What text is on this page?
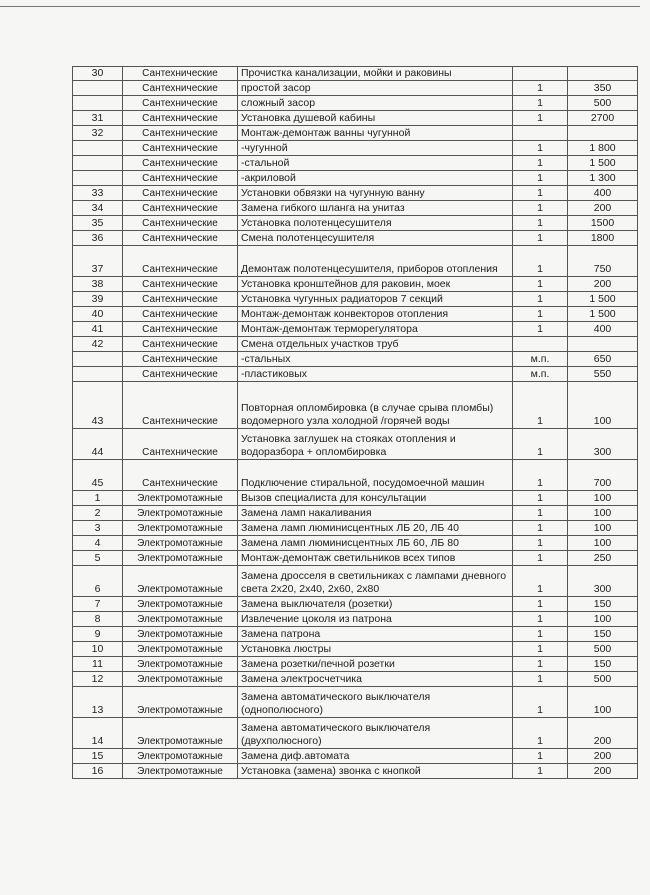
30	Сантехнические	Прочистка канализации, мойки и раковины		
	Сантехнические	простой засор	1	350
	Сантехнические	сложный засор	1	500
31	Сантехнические	Установка душевой кабины	1	2700
32	Сантехнические	Монтаж-демонтаж ванны чугунной		
	Сантехнические	-чугунной	1	1 800
	Сантехнические	-стальной	1	1 500
	Сантехнические	-акриловой	1	1 300
33	Сантехнические	Установки обвязки на чугунную ванну	1	400
34	Сантехнические	Замена гибкого шланга на унитаз	1	200
35	Сантехнические	Установка полотенцесушителя	1	1500
36	Сантехнические	Смена полотенцесушителя	1	1800
37	Сантехнические	Демонтаж полотенцесушителя, приборов отопления	1	750
38	Сантехнические	Установка кронштейнов для раковин, моек	1	200
39	Сантехнические	Установка чугунных радиаторов 7 секций	1	1 500
40	Сантехнические	Монтаж-демонтаж конвекторов отопления	1	1 500
41	Сантехнические	Монтаж-демонтаж терморегулятора	1	400
42	Сантехнические	Смена отдельных участков труб		
	Сантехнические	-стальных	м.п.	650
	Сантехнические	-пластиковых	м.п.	550
43	Сантехнические	Повторная опломбировка (в случае срыва пломбы) водомерного узла холодной /горячей воды	1	100
44	Сантехнические	Установка заглушек на стояках отопления и водоразбора + опломбировка	1	300
45	Сантехнические	Подключение стиральной, посудомоечной машин	1	700
1	Электромотажные	Вызов специалиста для консультации	1	100
2	Электромотажные	Замена ламп накаливания	1	100
3	Электромотажные	Замена ламп люминисцентных ЛБ 20, ЛБ 40	1	100
4	Электромотажные	Замена ламп люминисцентных ЛБ 60, ЛБ 80	1	100
5	Электромотажные	Монтаж-демонтаж светильников всех типов	1	250
6	Электромотажные	Замена дросселя в светильниках с лампами дневного света 2х20, 2х40, 2х60, 2х80	1	300
7	Электромотажные	Замена выключателя (розетки)	1	150
8	Электромотажные	Извлечение цоколя из патрона	1	100
9	Электромотажные	Замена патрона	1	150
10	Электромотажные	Установка люстры	1	500
11	Электромотажные	Замена розетки/печной розетки	1	150
12	Электромотажные	Замена электросчетчика	1	500
13	Электромотажные	Замена автоматического выключателя (однополюсного)	1	100
14	Электромотажные	Замена автоматического выключателя (двухполюсного)	1	200
15	Электромотажные	Замена диф.автомата	1	200
16	Электромотажные	Установка (замена) звонка с кнопкой	1	200
